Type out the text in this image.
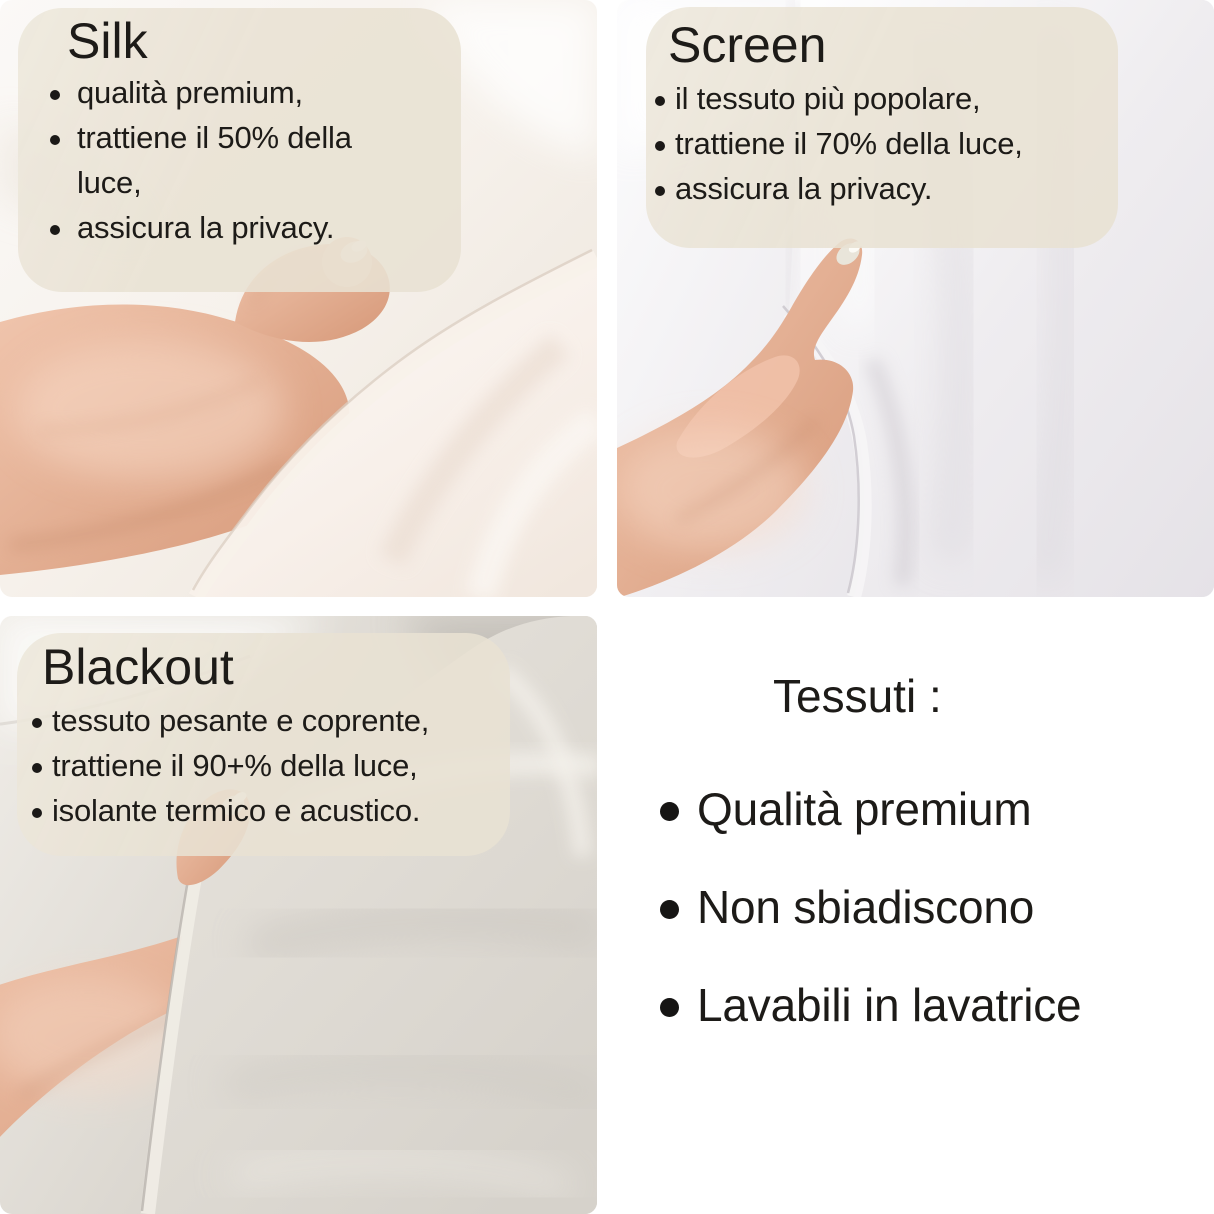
Silk
qualità premium,
trattiene il 50% della luce,
assicura la privacy.
Screen
il tessuto più popolare,
trattiene il 70% della luce,
assicura la privacy.
Blackout
tessuto pesante e coprente,
trattiene il 90+% della luce,
isolante termico e acustico.
Tessuti :
Qualità premium
Non sbiadiscono
Lavabili in lavatrice
